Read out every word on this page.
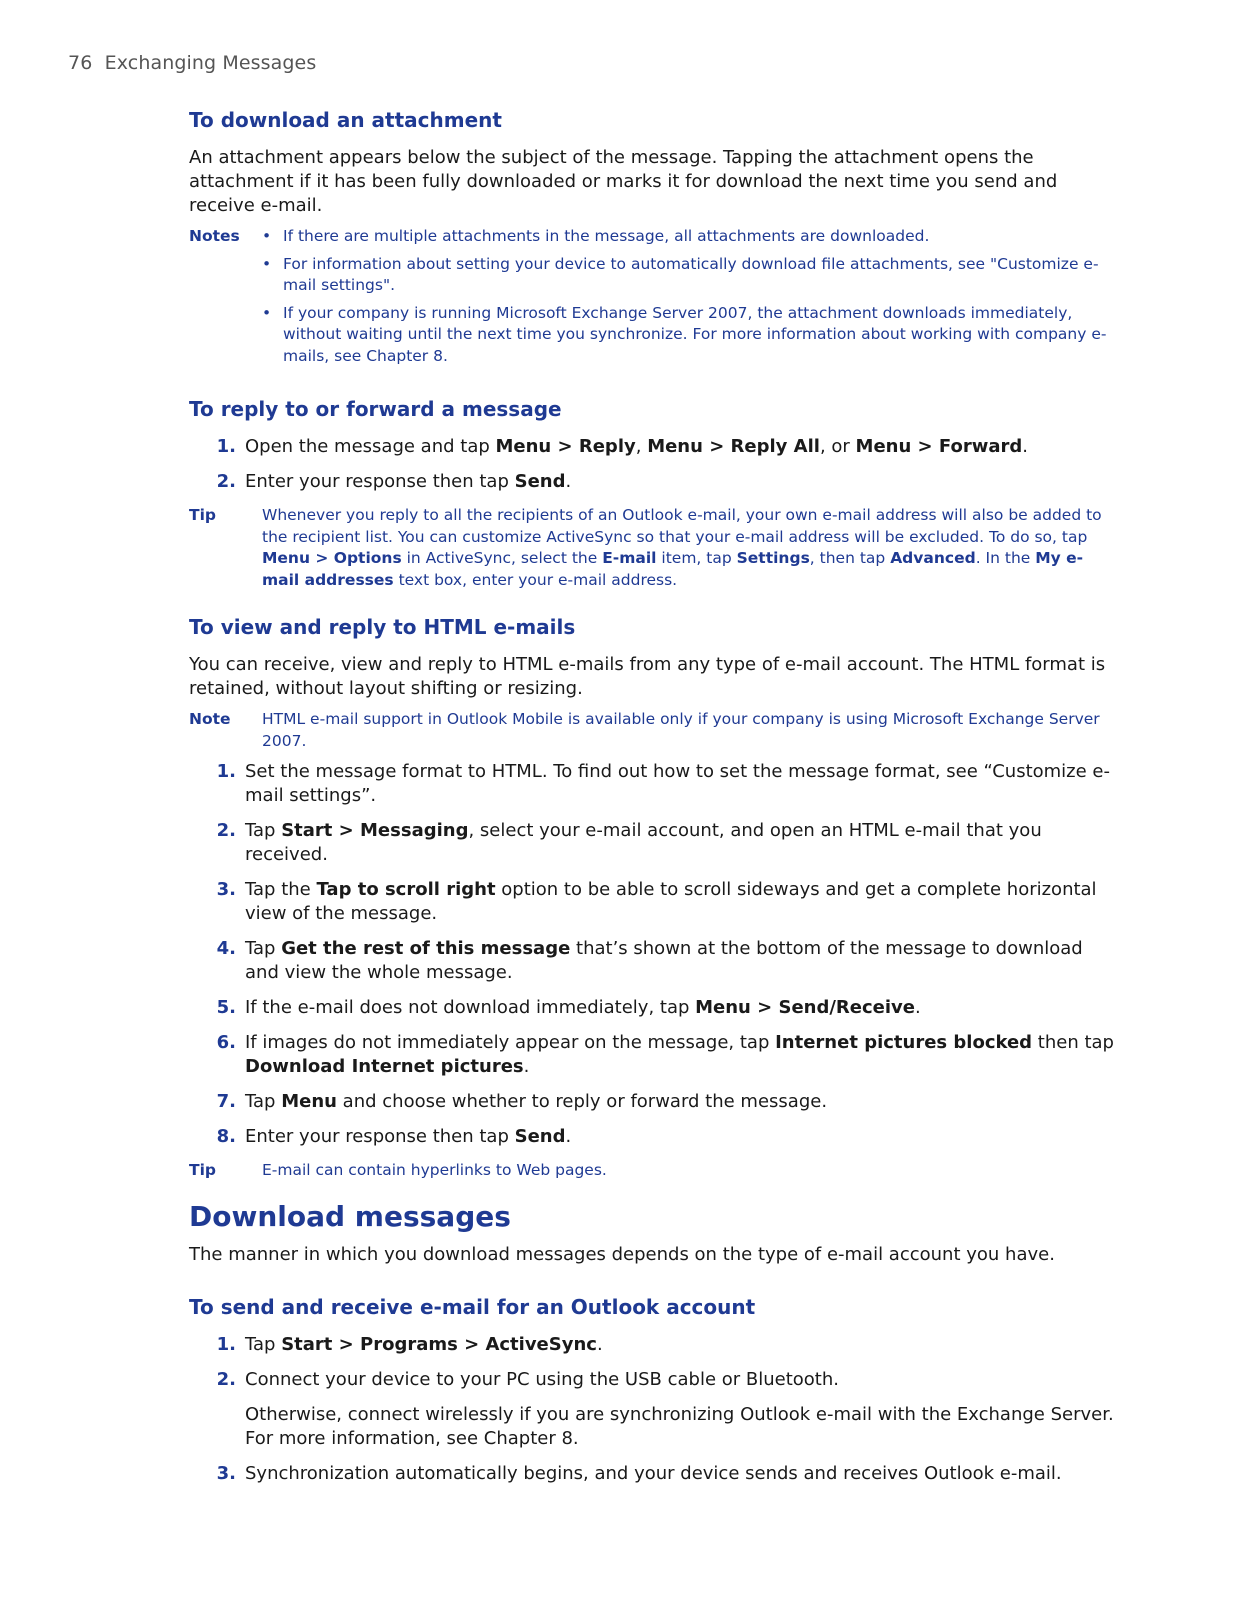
76 Exchanging Messages
To download an attachment
An attachment appears below the subject of the message. Tapping the attachment opens the attachment if it has been fully downloaded or marks it for download the next time you send and receive e-mail.
Notes	• If there are multiple attachments in the message, all attachments are downloaded.
• For information about setting your device to automatically download file attachments, see "Customize e-mail settings".
• If your company is running Microsoft Exchange Server 2007, the attachment downloads immediately, without waiting until the next time you synchronize. For more information about working with company e-mails, see Chapter 8.
To reply to or forward a message
1. Open the message and tap Menu > Reply, Menu > Reply All, or Menu > Forward.
2. Enter your response then tap Send.
Tip	Whenever you reply to all the recipients of an Outlook e-mail, your own e-mail address will also be added to the recipient list. You can customize ActiveSync so that your e-mail address will be excluded. To do so, tap Menu > Options in ActiveSync, select the E-mail item, tap Settings, then tap Advanced. In the My e-mail addresses text box, enter your e-mail address.
To view and reply to HTML e-mails
You can receive, view and reply to HTML e-mails from any type of e-mail account. The HTML format is retained, without layout shifting or resizing.
Note	HTML e-mail support in Outlook Mobile is available only if your company is using Microsoft Exchange Server 2007.
1. Set the message format to HTML. To find out how to set the message format, see “Customize e-mail settings”.
2. Tap Start > Messaging, select your e-mail account, and open an HTML e-mail that you received.
3. Tap the Tap to scroll right option to be able to scroll sideways and get a complete horizontal view of the message.
4. Tap Get the rest of this message that’s shown at the bottom of the message to download and view the whole message.
5. If the e-mail does not download immediately, tap Menu > Send/Receive.
6. If images do not immediately appear on the message, tap Internet pictures blocked then tap Download Internet pictures.
7. Tap Menu and choose whether to reply or forward the message.
8. Enter your response then tap Send.
Tip	E-mail can contain hyperlinks to Web pages.
Download messages
The manner in which you download messages depends on the type of e-mail account you have.
To send and receive e-mail for an Outlook account
1. Tap Start > Programs > ActiveSync.
2. Connect your device to your PC using the USB cable or Bluetooth.
Otherwise, connect wirelessly if you are synchronizing Outlook e-mail with the Exchange Server. For more information, see Chapter 8.
3. Synchronization automatically begins, and your device sends and receives Outlook e-mail.
